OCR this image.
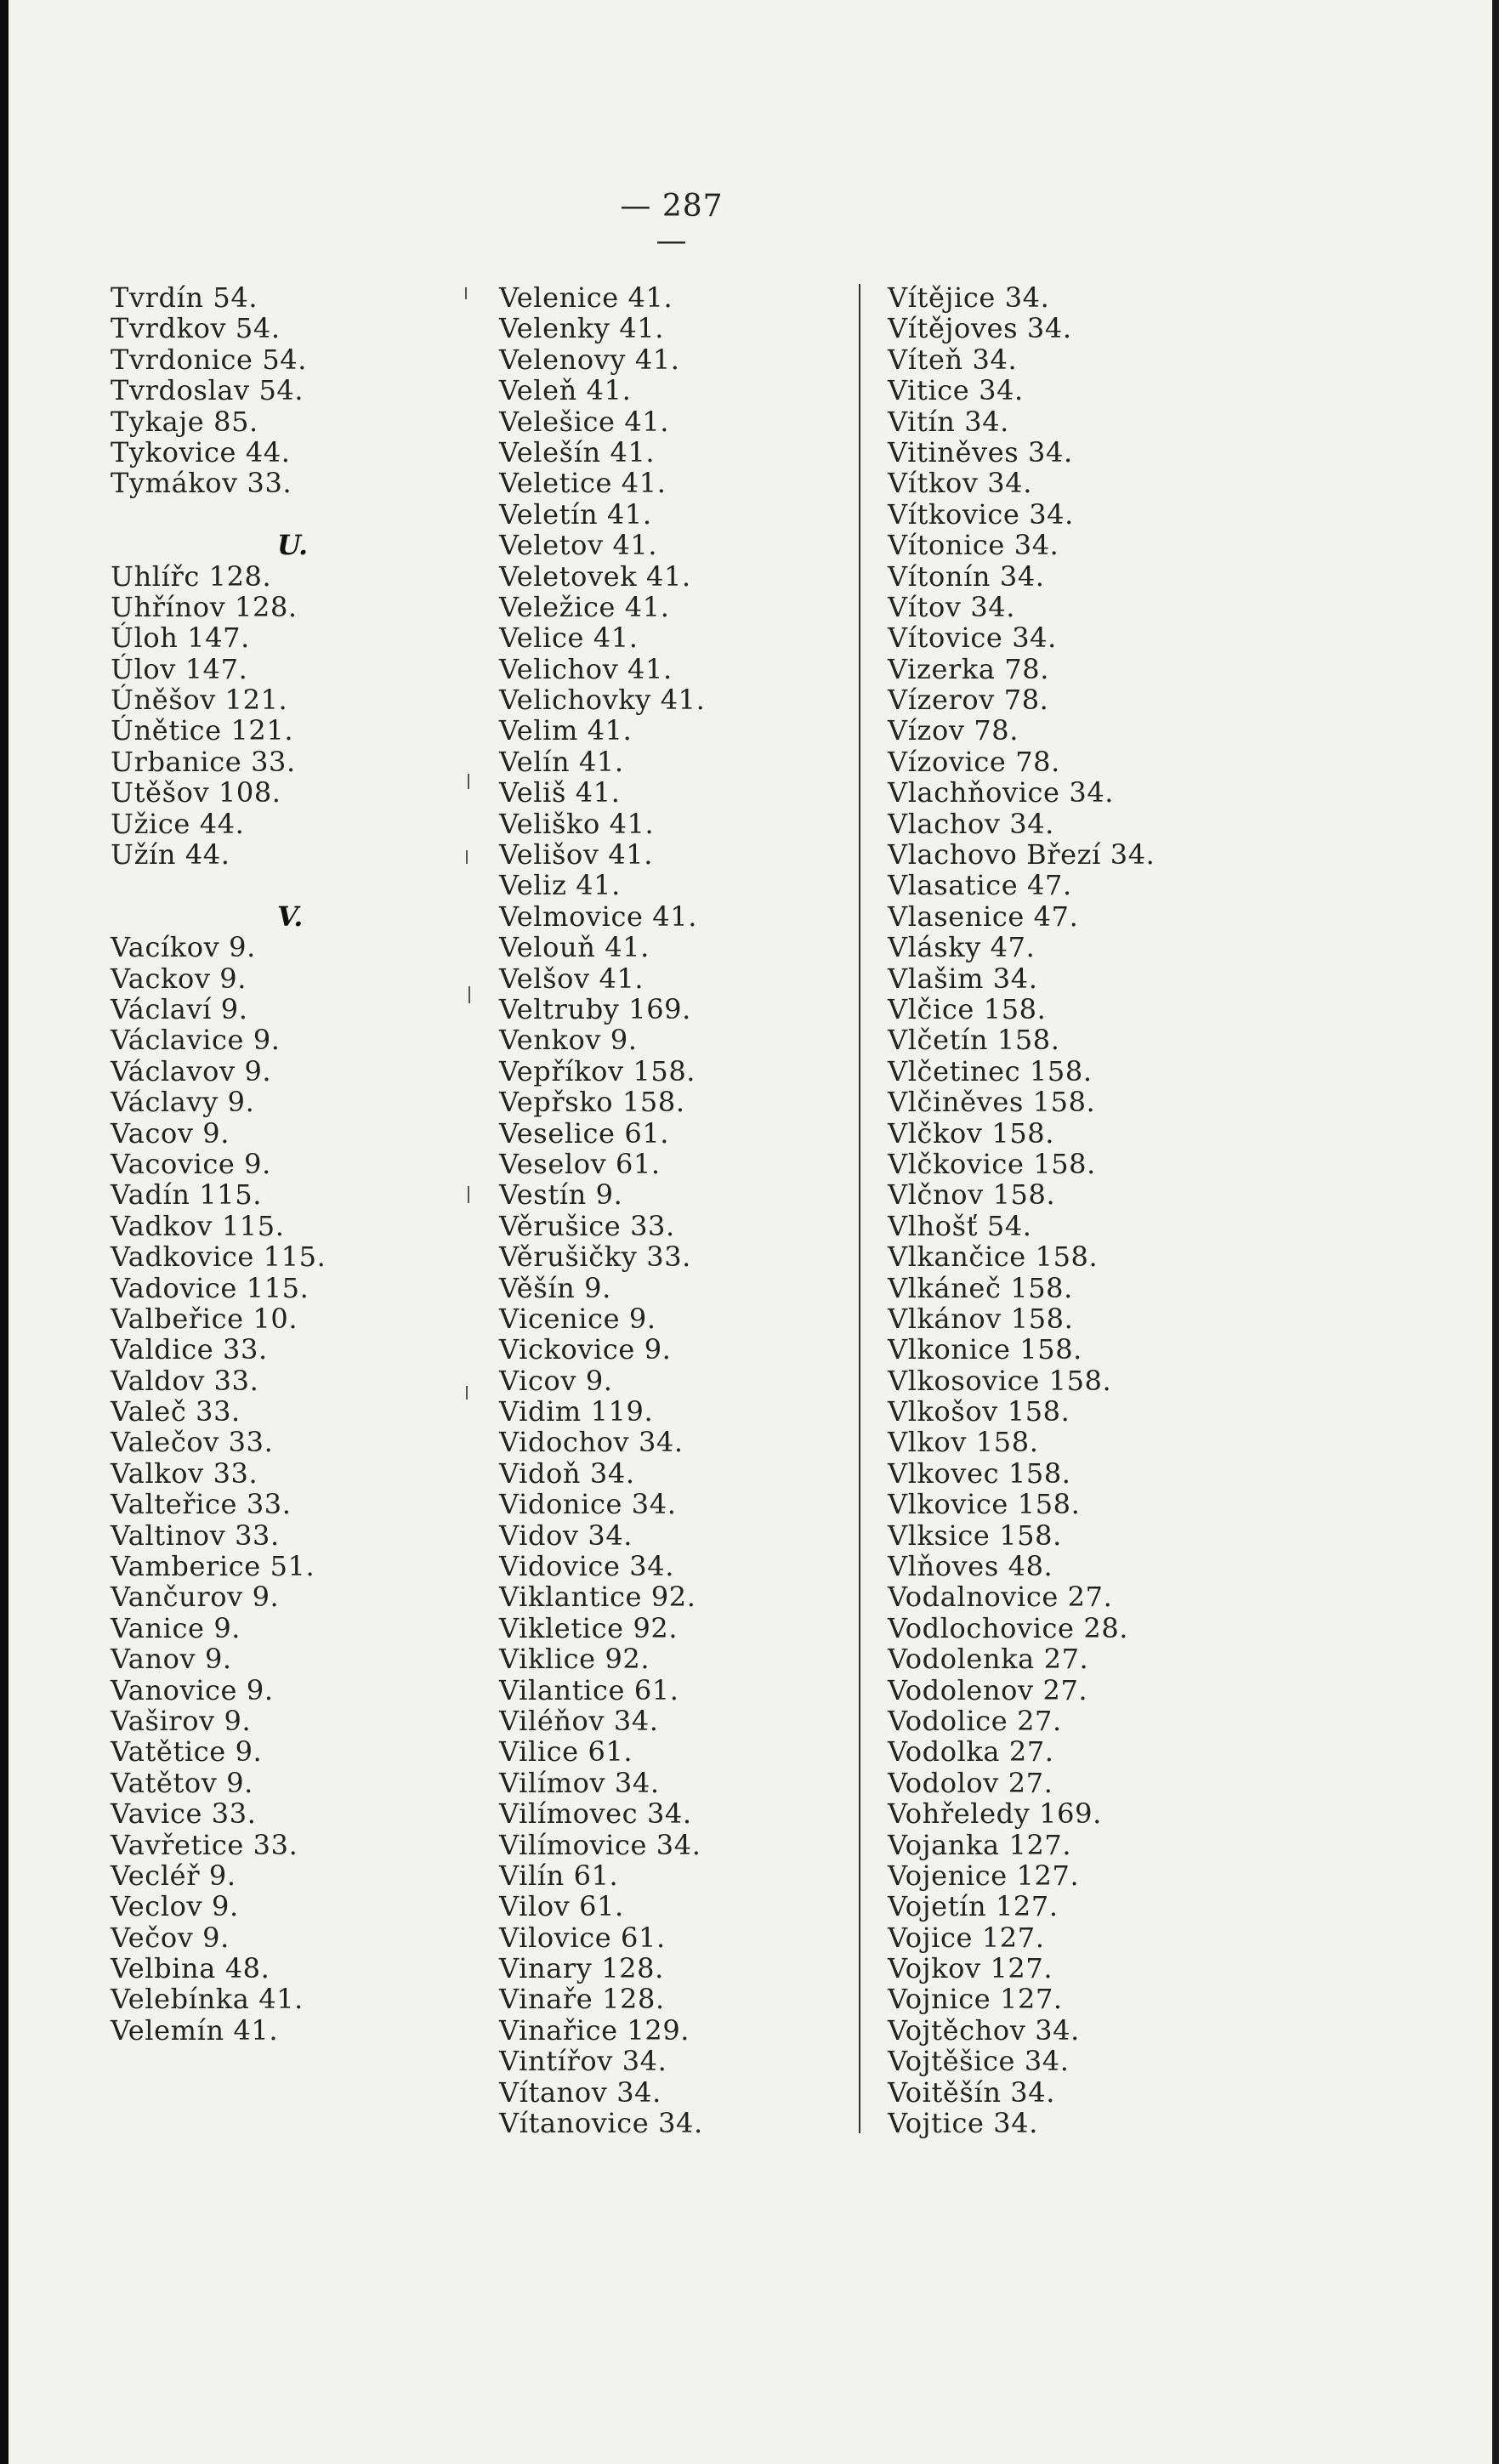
— 287 —
Tvrdín 54.
Tvrdkov 54.
Tvrdonice 54.
Tvrdoslav 54.
Tykaje 85.
Tykovice 44.
Tymákov 33.
U.
Uhlířc 128.
Uhřínov 128.
Úloh 147.
Úlov 147.
Úněšov 121.
Únětice 121.
Urbanice 33.
Utěšov 108.
Užice 44.
Užín 44.
V.
Vacíkov 9.
Vackov 9.
Václaví 9.
Václavice 9.
Václavov 9.
Václavy 9.
Vacov 9.
Vacovice 9.
Vadín 115.
Vadkov 115.
Vadkovice 115.
Vadovice 115.
Valbeřice 10.
Valdice 33.
Valdov 33.
Valeč 33.
Valečov 33.
Valkov 33.
Valteřice 33.
Valtinov 33.
Vamberice 51.
Vančurov 9.
Vanice 9.
Vanov 9.
Vanovice 9.
Vaširov 9.
Vatětice 9.
Vatětov 9.
Vavice 33.
Vavřetice 33.
Vecléř 9.
Veclov 9.
Večov 9.
Velbina 48.
Velebínka 41.
Velemín 41.
Velenice 41.
Velenky 41.
Velenovy 41.
Veleň 41.
Velešice 41.
Velešín 41.
Veletice 41.
Veletín 41.
Veletov 41.
Veletovek 41.
Veležice 41.
Velice 41.
Velichov 41.
Velichovky 41.
Velim 41.
Velín 41.
Veliš 41.
Veliško 41.
Velišov 41.
Veliz 41.
Velmovice 41.
Velouň 41.
Velšov 41.
Veltruby 169.
Venkov 9.
Vepříkov 158.
Vepřsko 158.
Veselice 61.
Veselov 61.
Vestín 9.
Věrušice 33.
Věrušičky 33.
Věšín 9.
Vicenice 9.
Vickovice 9.
Vicov 9.
Vidim 119.
Vidochov 34.
Vidoň 34.
Vidonice 34.
Vidov 34.
Vidovice 34.
Viklantice 92.
Vikletice 92.
Viklice 92.
Vilantice 61.
Viléňov 34.
Vilice 61.
Vilímov 34.
Vilímovec 34.
Vilímovice 34.
Vilín 61.
Vilov 61.
Vilovice 61.
Vinary 128.
Vinaře 128.
Vinařice 129.
Vintířov 34.
Vítanov 34.
Vítanovice 34.
Vítějice 34.
Vítějoves 34.
Víteň 34.
Vitice 34.
Vitín 34.
Vitiněves 34.
Vítkov 34.
Vítkovice 34.
Vítonice 34.
Vítonín 34.
Vítov 34.
Vítovice 34.
Vizerka 78.
Vízerov 78.
Vízov 78.
Vízovice 78.
Vlachňovice 34.
Vlachov 34.
Vlachovo Březí 34.
Vlasatice 47.
Vlasenice 47.
Vlásky 47.
Vlašim 34.
Vlčice 158.
Vlčetín 158.
Vlčetinec 158.
Vlčiněves 158.
Vlčkov 158.
Vlčkovice 158.
Vlčnov 158.
Vlhošť 54.
Vlkančice 158.
Vlkáneč 158.
Vlkánov 158.
Vlkonice 158.
Vlkosovice 158.
Vlkošov 158.
Vlkov 158.
Vlkovec 158.
Vlkovice 158.
Vlksice 158.
Vlňoves 48.
Vodalnovice 27.
Vodlochovice 28.
Vodolenka 27.
Vodolenov 27.
Vodolice 27.
Vodolka 27.
Vodolov 27.
Vohřeledy 169.
Vojanka 127.
Vojenice 127.
Vojetín 127.
Vojice 127.
Vojkov 127.
Vojnice 127.
Vojtěchov 34.
Vojtěšice 34.
Voitěšín 34.
Vojtice 34.
